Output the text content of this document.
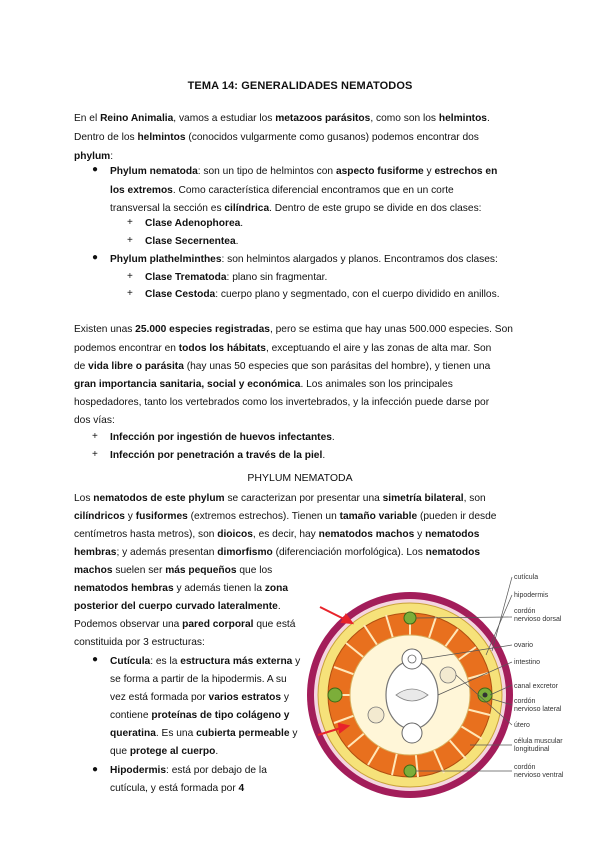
TEMA 14: GENERALIDADES NEMATODOS
En el Reino Animalia, vamos a estudiar los metazoos parásitos, como son los helmintos.
Dentro de los helmintos (conocidos vulgarmente como gusanos) podemos encontrar dos
phylum:
● Phylum nematoda: son un tipo de helmintos con aspecto fusiforme y estrechos en
los extremos. Como característica diferencial encontramos que en un corte
transversal la sección es cilíndrica. Dentro de este grupo se divide en dos clases:
+ Clase Adenophorea.
+ Clase Secernentea.
● Phylum plathelminthes: son helmintos alargados y planos. Encontramos dos clases:
+ Clase Trematoda: plano sin fragmentar.
+ Clase Cestoda: cuerpo plano y segmentado, con el cuerpo dividido en anillos.
Existen unas 25.000 especies registradas, pero se estima que hay unas 500.000 especies. Son
podemos encontrar en todos los hábitats, exceptuando el aire y las zonas de alta mar. Son
de vida libre o parásita (hay unas 50 especies que son parásitas del hombre), y tienen una
gran importancia sanitaria, social y económica. Los animales son los principales
hospedadores, tanto los vertebrados como los invertebrados, y la infección puede darse por
dos vías:
+ Infección por ingestión de huevos infectantes.
+ Infección por penetración a través de la piel.
PHYLUM NEMATODA
Los nematodos de este phylum se caracterizan por presentar una simetría bilateral, son
cilíndricos y fusiformes (extremos estrechos). Tienen un tamaño variable (pueden ir desde
centímetros hasta metros), son dioicos, es decir, hay nematodos machos y nematodos
hembras; y además presentan dimorfismo (diferenciación morfológica). Los nematodos
machos suelen ser más pequeños que los
nematodos hembras y además tienen la zona
posterior del cuerpo curvado lateralmente.
Podemos observar una pared corporal que está
constituida por 3 estructuras:
● Cutícula: es la estructura más externa y
se forma a partir de la hipodermis. A su
vez está formada por varios estratos y
contiene proteínas de tipo colágeno y
queratina. Es una cubierta permeable y
que protege al cuerpo.
● Hipodermis: está por debajo de la
cutícula, y está formada por 4
cutícula
hipodermis
cordón
nervioso dorsal
ovario
intestino
canal excretor
cordón
nervioso lateral
útero
célula muscular
longitudinal
cordón
nervioso ventral
